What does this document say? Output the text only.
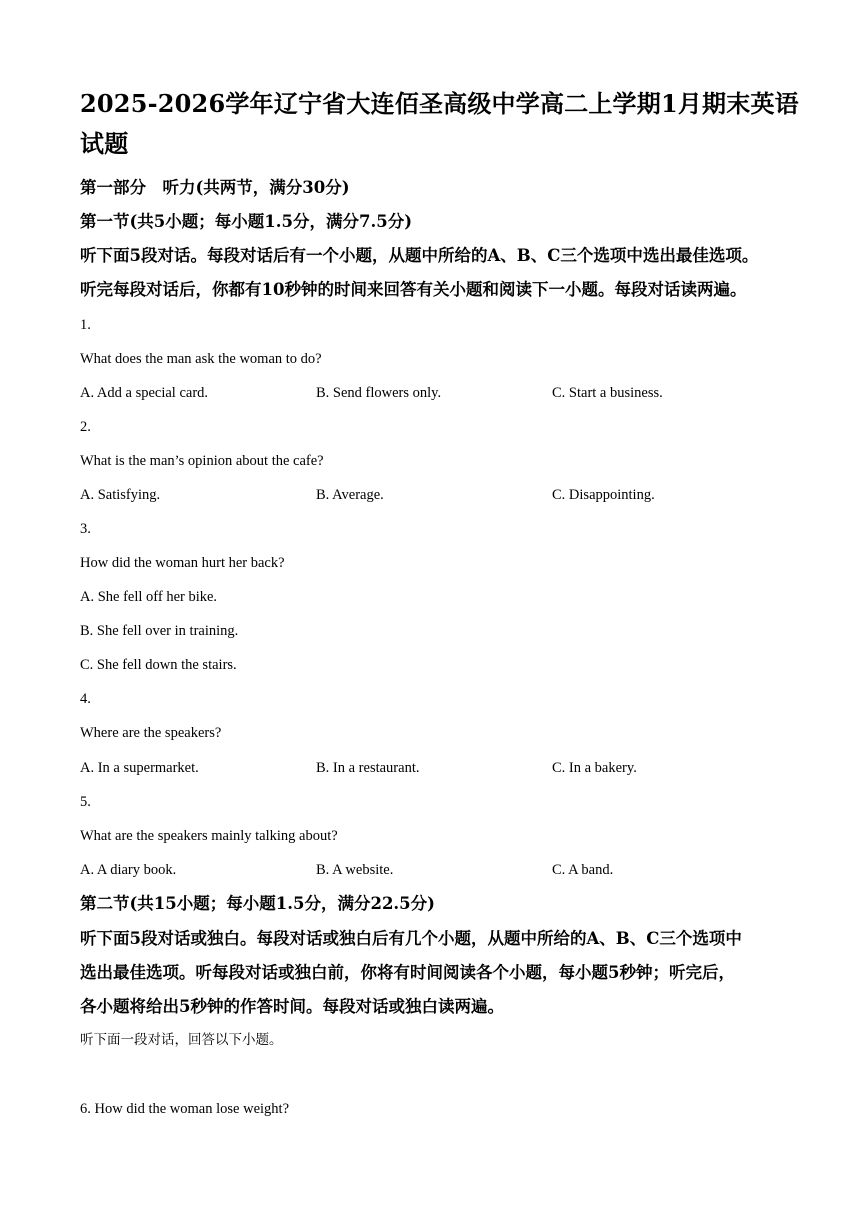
2025-2026学年辽宁省大连佰圣高级中学高二上学期1月期末英语试题
第一部分　听力(共两节，满分30分)
第一节(共5小题；每小题1.5分，满分7.5分)
听下面5段对话。每段对话后有一个小题，从题中所给的A、B、C三个选项中选出最佳选项。
听完每段对话后，你都有10秒钟的时间来回答有关小题和阅读下一小题。每段对话读两遍。
1.
What does the man ask the woman to do?
A. Add a special card.	B. Send flowers only.	C. Start a business.
2.
What is the man’s opinion about the cafe?
A. Satisfying.	B. Average.	C. Disappointing.
3.
How did the woman hurt her back?
A. She fell off her bike.
B. She fell over in training.
C. She fell down the stairs.
4.
Where are the speakers?
A. In a supermarket.	B. In a restaurant.	C. In a bakery.
5.
What are the speakers mainly talking about?
A. A diary book.	B. A website.	C. A band.
第二节(共15小题；每小题1.5分，满分22.5分)
听下面5段对话或独白。每段对话或独白后有几个小题，从题中所给的A、B、C三个选项中
选出最佳选项。听每段对话或独白前，你将有时间阅读各个小题，每小题5秒钟；听完后，
各小题将给出5秒钟的作答时间。每段对话或独白读两遍。
听下面一段对话，回答以下小题。
6. How did the woman lose weight?
